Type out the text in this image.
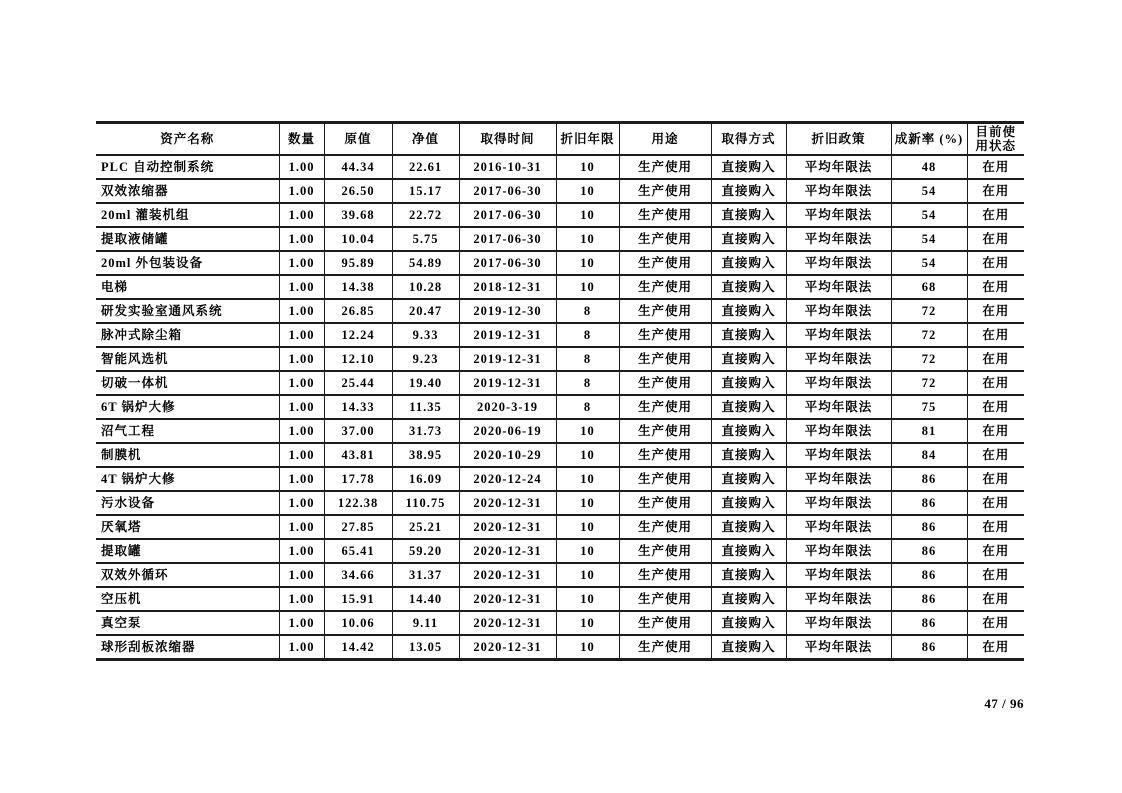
资产名称	数量	原值	净值	取得时间	折旧年限	用途	取得方式	折旧政策	成新率 (%)	目前使用状态
PLC 自动控制系统	1.00	44.34	22.61	2016-10-31	10	生产使用	直接购入	平均年限法	48	在用
双效浓缩器	1.00	26.50	15.17	2017-06-30	10	生产使用	直接购入	平均年限法	54	在用
20ml 灌装机组	1.00	39.68	22.72	2017-06-30	10	生产使用	直接购入	平均年限法	54	在用
提取液储罐	1.00	10.04	5.75	2017-06-30	10	生产使用	直接购入	平均年限法	54	在用
20ml 外包装设备	1.00	95.89	54.89	2017-06-30	10	生产使用	直接购入	平均年限法	54	在用
电梯	1.00	14.38	10.28	2018-12-31	10	生产使用	直接购入	平均年限法	68	在用
研发实验室通风系统	1.00	26.85	20.47	2019-12-30	8	生产使用	直接购入	平均年限法	72	在用
脉冲式除尘箱	1.00	12.24	9.33	2019-12-31	8	生产使用	直接购入	平均年限法	72	在用
智能风选机	1.00	12.10	9.23	2019-12-31	8	生产使用	直接购入	平均年限法	72	在用
切破一体机	1.00	25.44	19.40	2019-12-31	8	生产使用	直接购入	平均年限法	72	在用
6T 锅炉大修	1.00	14.33	11.35	2020-3-19	8	生产使用	直接购入	平均年限法	75	在用
沼气工程	1.00	37.00	31.73	2020-06-19	10	生产使用	直接购入	平均年限法	81	在用
制膜机	1.00	43.81	38.95	2020-10-29	10	生产使用	直接购入	平均年限法	84	在用
4T 锅炉大修	1.00	17.78	16.09	2020-12-24	10	生产使用	直接购入	平均年限法	86	在用
污水设备	1.00	122.38	110.75	2020-12-31	10	生产使用	直接购入	平均年限法	86	在用
厌氧塔	1.00	27.85	25.21	2020-12-31	10	生产使用	直接购入	平均年限法	86	在用
提取罐	1.00	65.41	59.20	2020-12-31	10	生产使用	直接购入	平均年限法	86	在用
双效外循环	1.00	34.66	31.37	2020-12-31	10	生产使用	直接购入	平均年限法	86	在用
空压机	1.00	15.91	14.40	2020-12-31	10	生产使用	直接购入	平均年限法	86	在用
真空泵	1.00	10.06	9.11	2020-12-31	10	生产使用	直接购入	平均年限法	86	在用
球形刮板浓缩器	1.00	14.42	13.05	2020-12-31	10	生产使用	直接购入	平均年限法	86	在用
47 / 96
